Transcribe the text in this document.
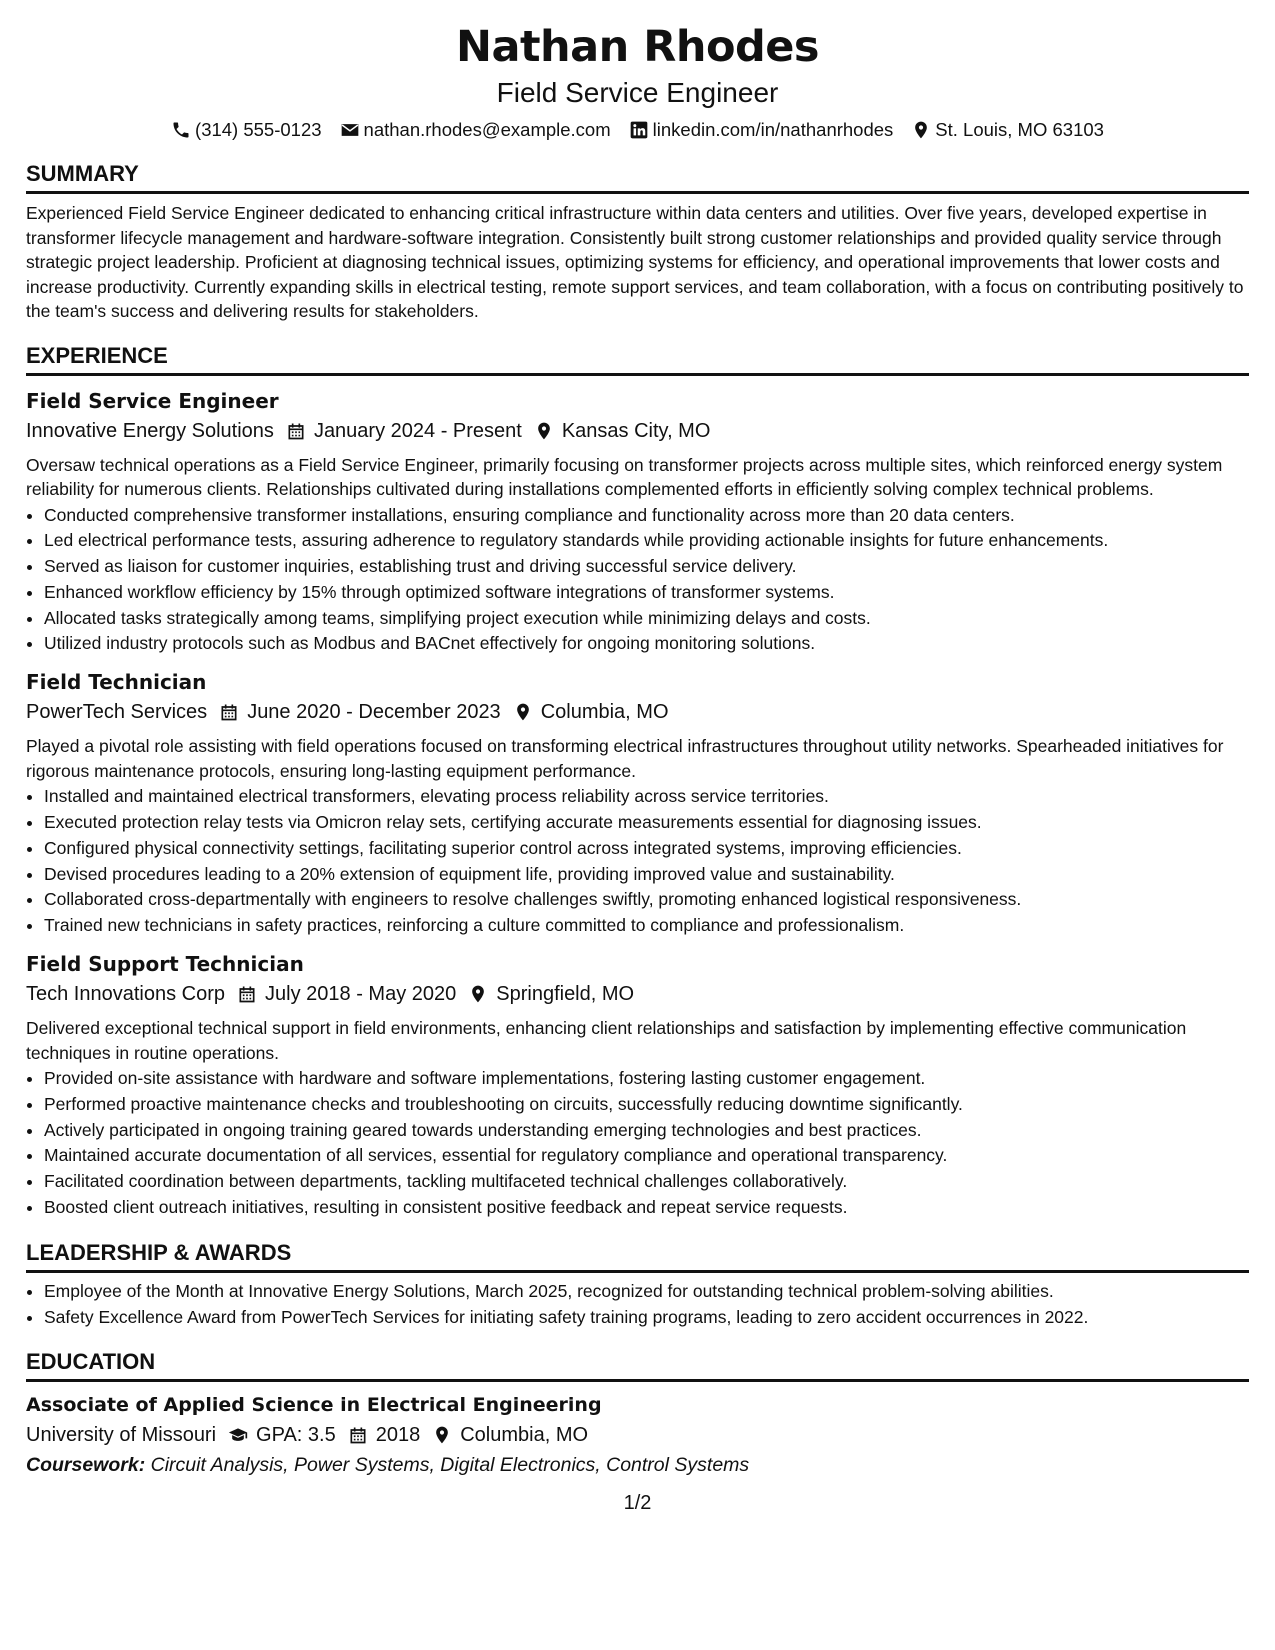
Nathan Rhodes
Field Service Engineer
(314) 555-0123 nathan.rhodes@example.com linkedin.com/in/nathanrhodes St. Louis, MO 63103
SUMMARY
Experienced Field Service Engineer dedicated to enhancing critical infrastructure within data centers and utilities. Over five years, developed expertise in transformer lifecycle management and hardware-software integration. Consistently built strong customer relationships and provided quality service through strategic project leadership. Proficient at diagnosing technical issues, optimizing systems for efficiency, and operational improvements that lower costs and increase productivity. Currently expanding skills in electrical testing, remote support services, and team collaboration, with a focus on contributing positively to the team's success and delivering results for stakeholders.
EXPERIENCE
Field Service Engineer
Innovative Energy Solutions January 2024 - Present Kansas City, MO
Oversaw technical operations as a Field Service Engineer, primarily focusing on transformer projects across multiple sites, which reinforced energy system reliability for numerous clients. Relationships cultivated during installations complemented efforts in efficiently solving complex technical problems.
• Conducted comprehensive transformer installations, ensuring compliance and functionality across more than 20 data centers.
• Led electrical performance tests, assuring adherence to regulatory standards while providing actionable insights for future enhancements.
• Served as liaison for customer inquiries, establishing trust and driving successful service delivery.
• Enhanced workflow efficiency by 15% through optimized software integrations of transformer systems.
• Allocated tasks strategically among teams, simplifying project execution while minimizing delays and costs.
• Utilized industry protocols such as Modbus and BACnet effectively for ongoing monitoring solutions.
Field Technician
PowerTech Services June 2020 - December 2023 Columbia, MO
Played a pivotal role assisting with field operations focused on transforming electrical infrastructures throughout utility networks. Spearheaded initiatives for rigorous maintenance protocols, ensuring long-lasting equipment performance.
• Installed and maintained electrical transformers, elevating process reliability across service territories.
• Executed protection relay tests via Omicron relay sets, certifying accurate measurements essential for diagnosing issues.
• Configured physical connectivity settings, facilitating superior control across integrated systems, improving efficiencies.
• Devised procedures leading to a 20% extension of equipment life, providing improved value and sustainability.
• Collaborated cross-departmentally with engineers to resolve challenges swiftly, promoting enhanced logistical responsiveness.
• Trained new technicians in safety practices, reinforcing a culture committed to compliance and professionalism.
Field Support Technician
Tech Innovations Corp July 2018 - May 2020 Springfield, MO
Delivered exceptional technical support in field environments, enhancing client relationships and satisfaction by implementing effective communication techniques in routine operations.
• Provided on-site assistance with hardware and software implementations, fostering lasting customer engagement.
• Performed proactive maintenance checks and troubleshooting on circuits, successfully reducing downtime significantly.
• Actively participated in ongoing training geared towards understanding emerging technologies and best practices.
• Maintained accurate documentation of all services, essential for regulatory compliance and operational transparency.
• Facilitated coordination between departments, tackling multifaceted technical challenges collaboratively.
• Boosted client outreach initiatives, resulting in consistent positive feedback and repeat service requests.
LEADERSHIP & AWARDS
• Employee of the Month at Innovative Energy Solutions, March 2025, recognized for outstanding technical problem-solving abilities.
• Safety Excellence Award from PowerTech Services for initiating safety training programs, leading to zero accident occurrences in 2022.
EDUCATION
Associate of Applied Science in Electrical Engineering
University of Missouri GPA: 3.5 2018 Columbia, MO
Coursework: Circuit Analysis, Power Systems, Digital Electronics, Control Systems
1/2
